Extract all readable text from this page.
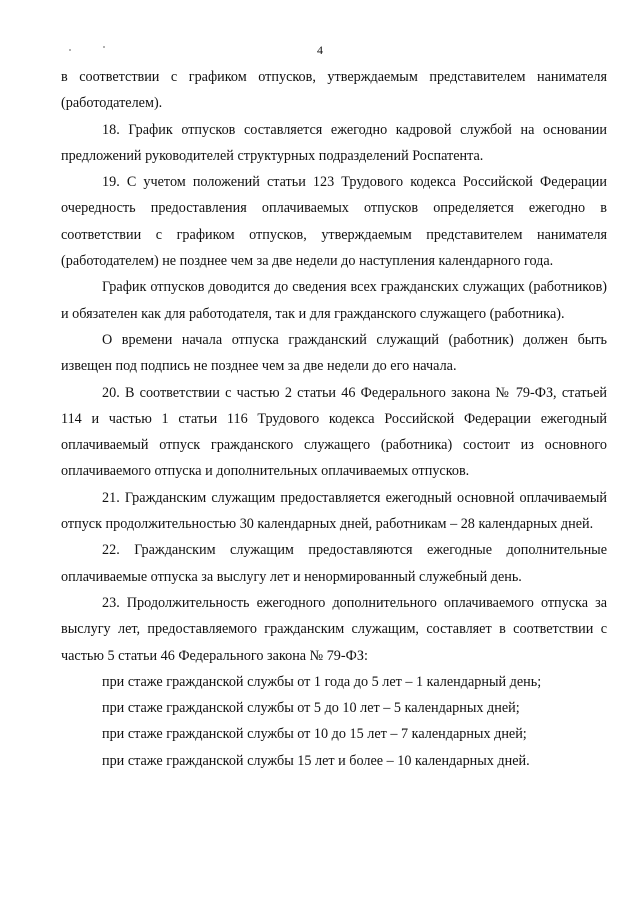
4

в соответствии с графиком отпусков, утверждаемым представителем нанимателя (работодателем).

18. График отпусков составляется ежегодно кадровой службой на основании предложений руководителей структурных подразделений Роспатента.

19. С учетом положений статьи 123 Трудового кодекса Российской Федерации очередность предоставления оплачиваемых отпусков определяется ежегодно в соответствии с графиком отпусков, утверждаемым представителем нанимателя (работодателем) не позднее чем за две недели до наступления календарного года.

График отпусков доводится до сведения всех гражданских служащих (работников) и обязателен как для работодателя, так и для гражданского служащего (работника).

О времени начала отпуска гражданский служащий (работник) должен быть извещен под подпись не позднее чем за две недели до его начала.

20. В соответствии с частью 2 статьи 46 Федерального закона № 79-ФЗ, статьей 114 и частью 1 статьи 116 Трудового кодекса Российской Федерации ежегодный оплачиваемый отпуск гражданского служащего (работника) состоит из основного оплачиваемого отпуска и дополнительных оплачиваемых отпусков.

21. Гражданским служащим предоставляется ежегодный основной оплачиваемый отпуск продолжительностью 30 календарных дней, работникам – 28 календарных дней.

22. Гражданским служащим предоставляются ежегодные дополнительные оплачиваемые отпуска за выслугу лет и ненормированный служебный день.

23. Продолжительность ежегодного дополнительного оплачиваемого отпуска за выслугу лет, предоставляемого гражданским служащим, составляет в соответствии с частью 5 статьи 46 Федерального закона № 79-ФЗ:

при стаже гражданской службы от 1 года до 5 лет – 1 календарный день;

при стаже гражданской службы от 5 до 10 лет – 5 календарных дней;

при стаже гражданской службы от 10 до 15 лет – 7 календарных дней;

при стаже гражданской службы 15 лет и более – 10 календарных дней.
